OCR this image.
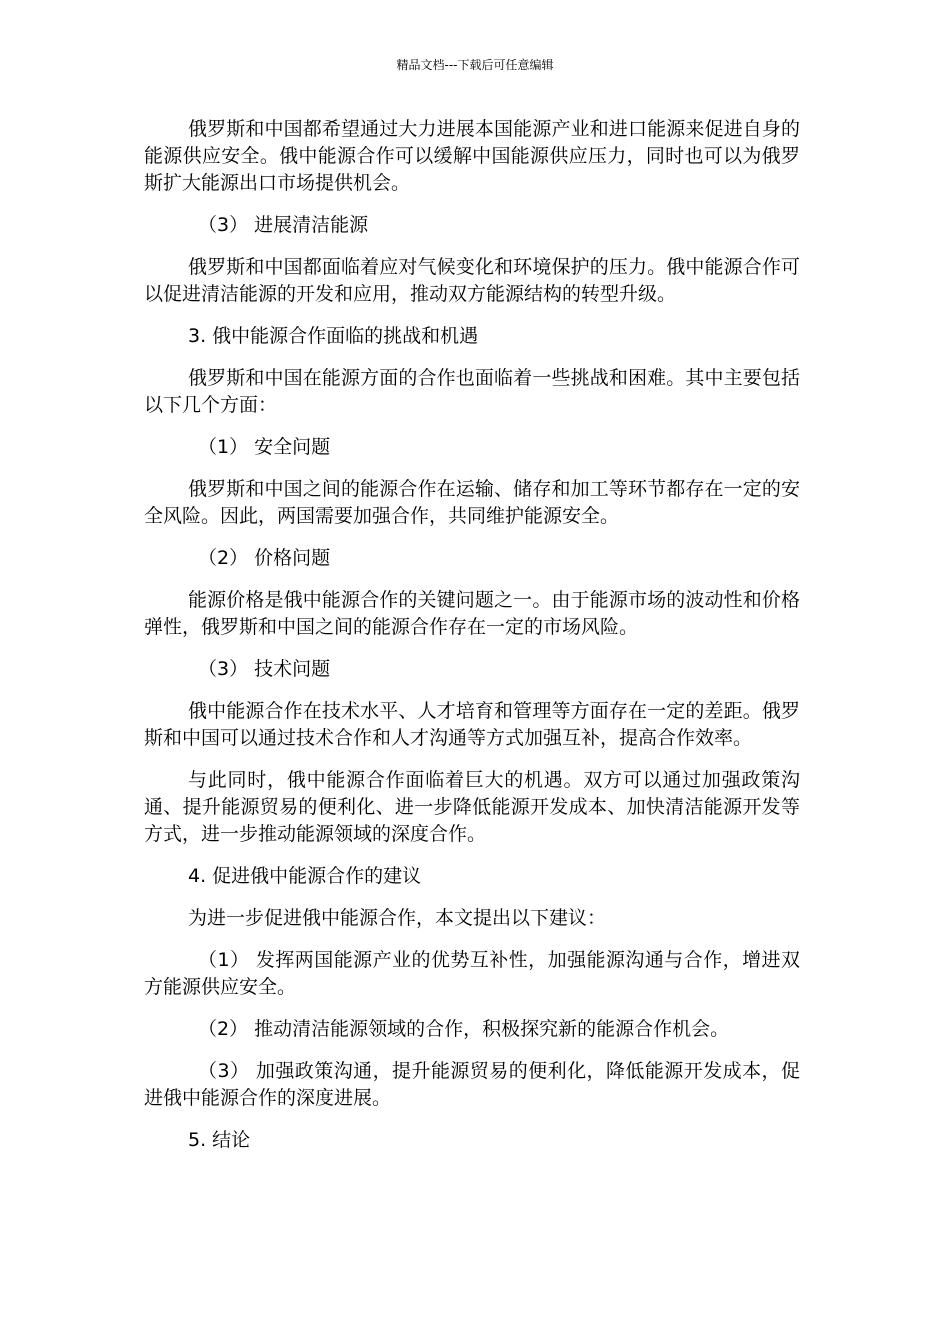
精品文档---下载后可任意编辑

俄罗斯和中国都希望通过大力进展本国能源产业和进口能源来促进自身的能源供应安全。俄中能源合作可以缓解中国能源供应压力，同时也可以为俄罗斯扩大能源出口市场提供机会。

（3） 进展清洁能源

俄罗斯和中国都面临着应对气候变化和环境保护的压力。俄中能源合作可以促进清洁能源的开发和应用，推动双方能源结构的转型升级。

3. 俄中能源合作面临的挑战和机遇

俄罗斯和中国在能源方面的合作也面临着一些挑战和困难。其中主要包括以下几个方面：

（1） 安全问题

俄罗斯和中国之间的能源合作在运输、储存和加工等环节都存在一定的安全风险。因此，两国需要加强合作，共同维护能源安全。

（2） 价格问题

能源价格是俄中能源合作的关键问题之一。由于能源市场的波动性和价格弹性，俄罗斯和中国之间的能源合作存在一定的市场风险。

（3） 技术问题

俄中能源合作在技术水平、人才培育和管理等方面存在一定的差距。俄罗斯和中国可以通过技术合作和人才沟通等方式加强互补，提高合作效率。

与此同时，俄中能源合作面临着巨大的机遇。双方可以通过加强政策沟通、提升能源贸易的便利化、进一步降低能源开发成本、加快清洁能源开发等方式，进一步推动能源领域的深度合作。

4. 促进俄中能源合作的建议

为进一步促进俄中能源合作，本文提出以下建议：

（1） 发挥两国能源产业的优势互补性，加强能源沟通与合作，增进双方能源供应安全。

（2） 推动清洁能源领域的合作，积极探究新的能源合作机会。

（3） 加强政策沟通，提升能源贸易的便利化，降低能源开发成本，促进俄中能源合作的深度进展。

5. 结论
